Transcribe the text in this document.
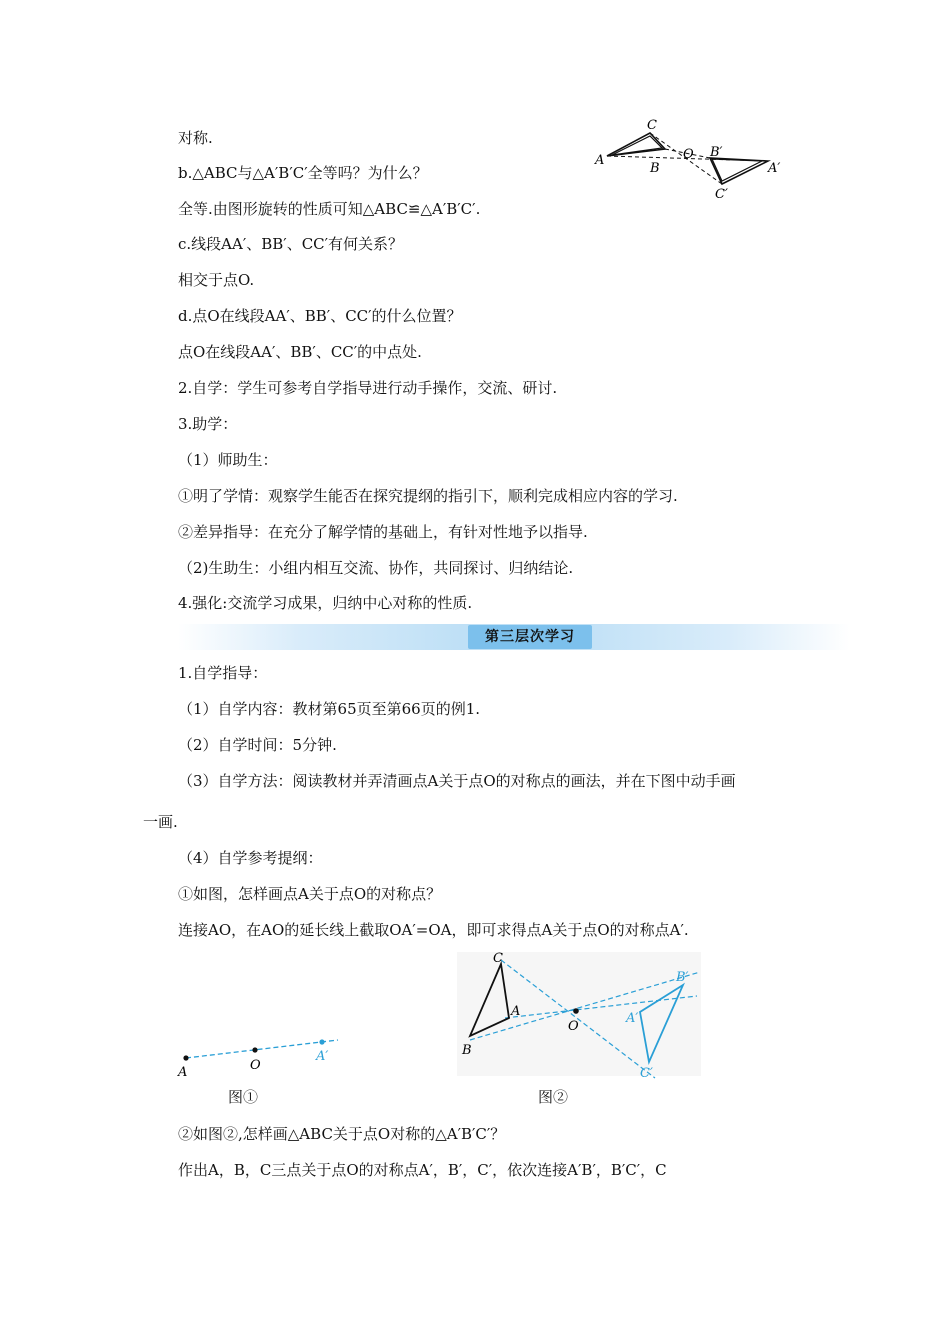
对称.
b.△ABC与△A′B′C′全等吗？为什么？
全等.由图形旋转的性质可知△ABC≌△A′B′C′.
c.线段AA′、BB′、CC′有何关系？
相交于点O.
d.点O在线段AA′、BB′、CC′的什么位置？
点O在线段AA′、BB′、CC′的中点处.
2.自学：学生可参考自学指导进行动手操作，交流、研讨.
3.助学：
（1）师助生：
①明了学情：观察学生能否在探究提纲的指引下，顺利完成相应内容的学习.
②差异指导：在充分了解学情的基础上，有针对性地予以指导.
（2)生助生：小组内相互交流、协作，共同探讨、归纳结论.
4.强化:交流学习成果，归纳中心对称的性质.
第三层次学习
1.自学指导：
（1）自学内容：教材第65页至第66页的例1.
（2）自学时间：5分钟.
（3）自学方法：阅读教材并弄清画点A关于点O的对称点的画法，并在下图中动手画
一画.
（4）自学参考提纲：
①如图，怎样画点A关于点O的对称点？
连接AO，在AO的延长线上截取OA′=OA，即可求得点A关于点O的对称点A′.
②如图②,怎样画△ABC关于点O对称的△A′B′C′？
作出A，B，C三点关于点O的对称点A′，B′，C′，依次连接A′B′，B′C′，C
A
C
B
O B′
A′
C′
A	O
A′
图①
C
B
A
O
B′
A′
C′
图②
